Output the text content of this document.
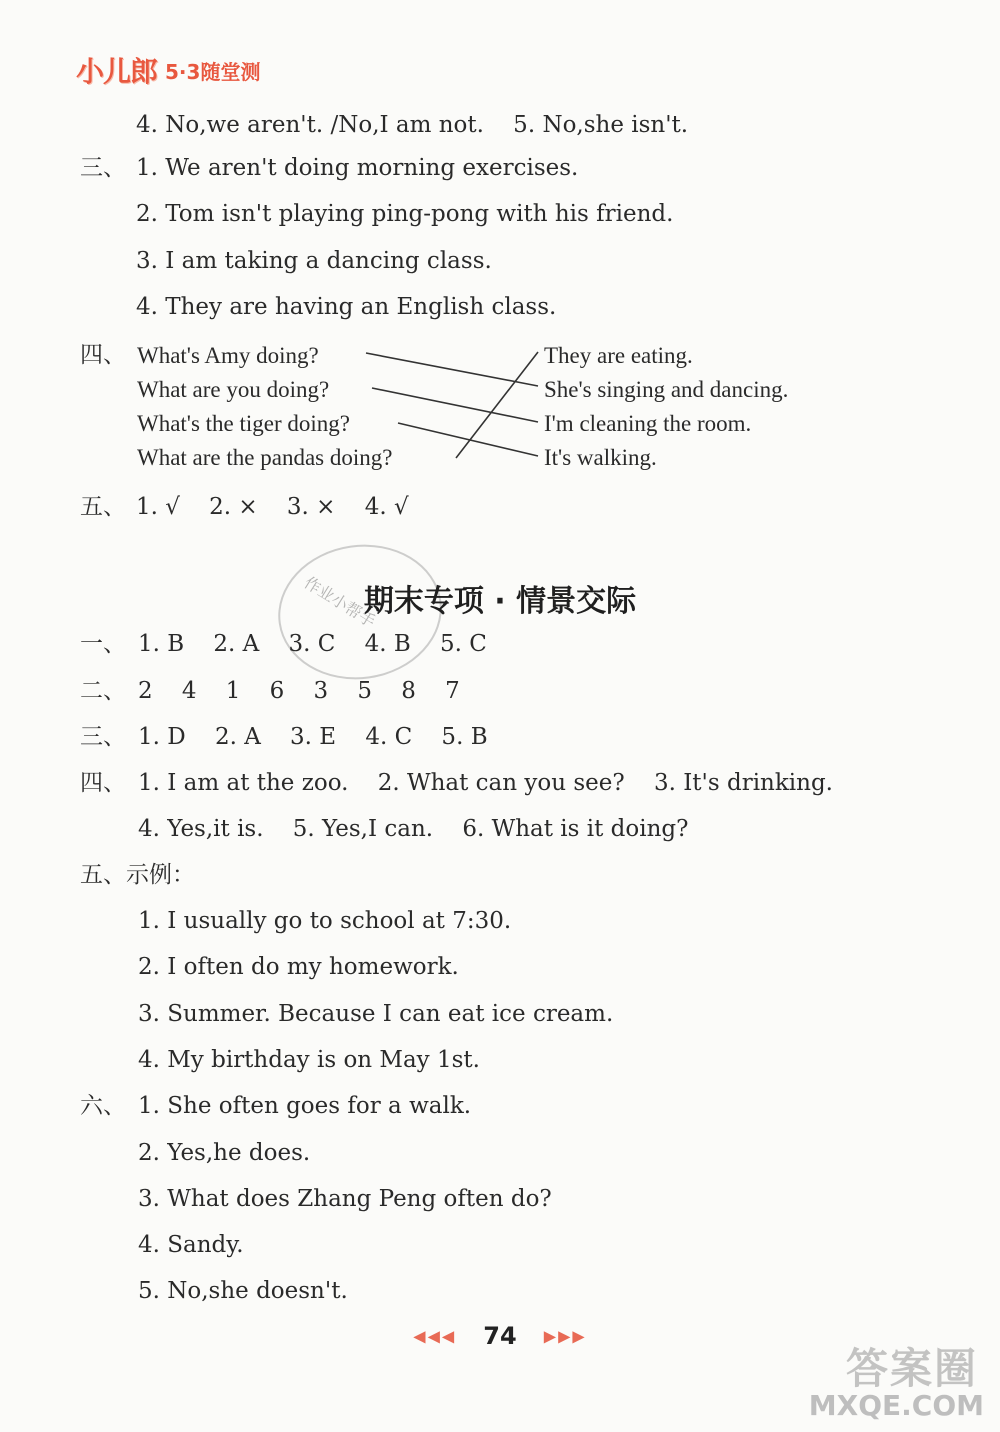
小儿郎 5·3随堂测
4. No,we aren't. /No,I am not.    5. No,she isn't.
三、 1. We aren't doing morning exercises.
2. Tom isn't playing ping-pong with his friend.
3. I am taking a dancing class.
4. They are having an English class.
四、 What's Amy doing?
What are you doing?
What's the tiger doing?
What are the pandas doing?
They are eating.
She's singing and dancing.
I'm cleaning the room.
It's walking.
五、 1. √    2. ×    3. ×    4. √
作业小帮手
期末专项 · 情景交际
一、 1. B    2. A    3. C    4. B    5. C
二、 2    4    1    6    3    5    8    7
三、 1. D    2. A    3. E    4. C    5. B
四、 1. I am at the zoo.    2. What can you see?    3. It's drinking.
4. Yes,it is.    5. Yes,I can.    6. What is it doing?
五、示例：
1. I usually go to school at 7:30.
2. I often do my homework.
3. Summer. Because I can eat ice cream.
4. My birthday is on May 1st.
六、 1. She often goes for a walk.
2. Yes,he does.
3. What does Zhang Peng often do?
4. Sandy.
5. No,she doesn't.
◀◀◀ 74 ▶▶▶
答案圈
MXQE.COM
